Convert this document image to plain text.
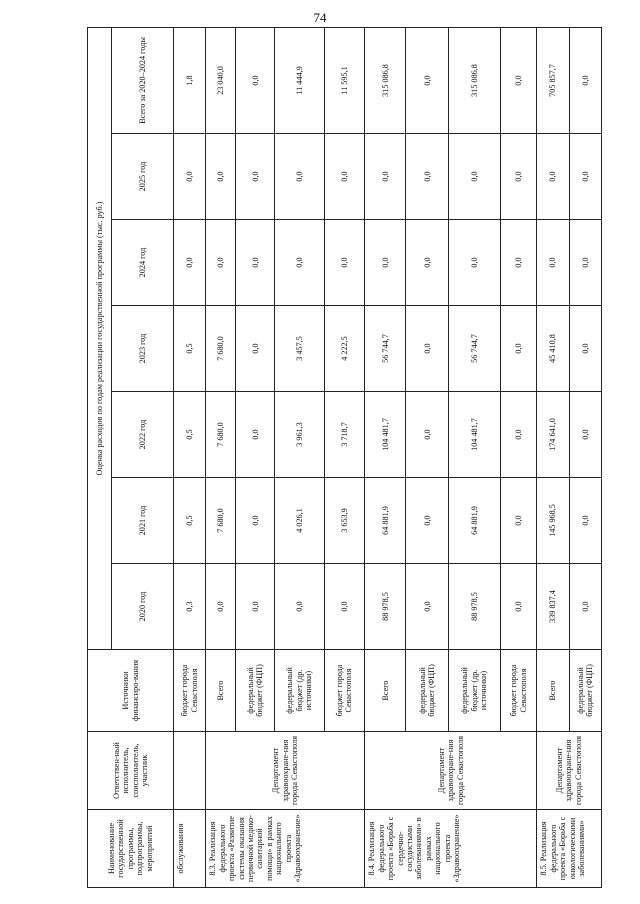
74
Наименование государственной программы, подпрограммы, мероприятий	Ответствен-ный исполнитель, соисполнитель, участник	Источники финансиро-вания	Оценка расходов по годам реализации государственной программы (тыс. руб.)						
			2020 год	2021 год	2022 год	2023 год	2024 год	2025 год	Всего за 2020–2024 годы
обслуживания		бюджет города Севастополя	0,3	0,5	0,5	0,5	0,0	0,0	1,8
8.3. Реализация федерального проекта «Развитие системы оказания первичной медико-санитарной помощи» в рамках национального проекта «Здравоохранение»	Департамент здравоохране-ния города Севастополя	Всего	0,0	7 680,0	7 680,0	7 680,0	0,0	0,0	23 040,0
		федеральный бюджет (ФЦП)	0,0	0,0	0,0	0,0	0,0	0,0	0,0
		федеральный бюджет (др. источники)	0,0	4 026,1	3 961,3	3 457,5	0,0	0,0	11 444,9
		бюджет города Севастополя	0,0	3 653,9	3 718,7	4 222,5	0,0	0,0	11 595,1
8.4. Реализация федерального проекта «Борьба с сердечно-сосудистыми заболеваниями» в рамках национального проекта «Здравоохранение»	Департамент здравоохране-ния города Севастополя	Всего	88 978,5	64 881,9	104 481,7	56 744,7	0,0	0,0	315 086,8
		федеральный бюджет (ФЦП)	0,0	0,0	0,0	0,0	0,0	0,0	0,0
		федеральный бюджет (др. источники)	88 978,5	64 881,9	104 481,7	56 744,7	0,0	0,0	315 086,8
		бюджет города Севастополя	0,0	0,0	0,0	0,0	0,0	0,0	0,0
8.5. Реализация федерального проекта «Борьба с онкологическими заболеваниями»	Департамент здравоохране-ния города Севастополя	Всего	339 837,4	145 968,5	174 641,0	45 410,8	0,0	0,0	705 857,7
		федеральный бюджет (ФЦП)	0,0	0,0	0,0	0,0	0,0	0,0	0,0
